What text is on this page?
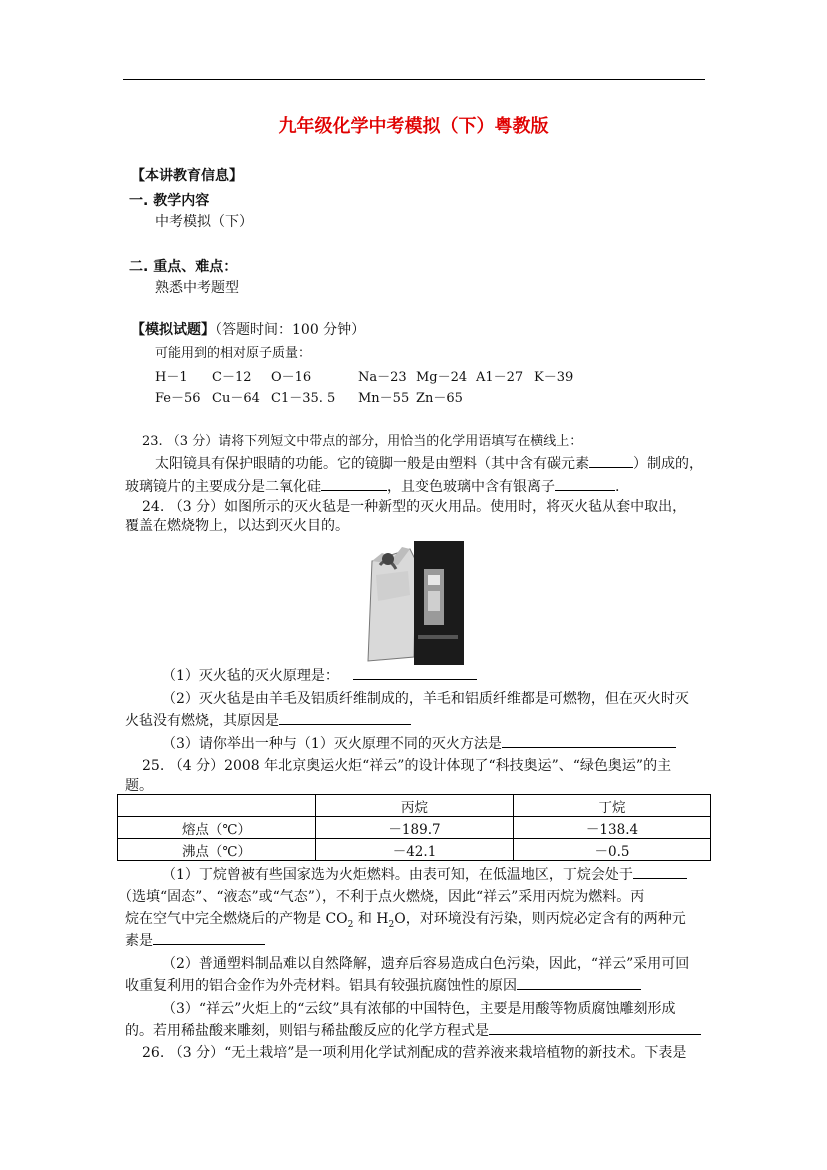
九年级化学中考模拟（下）粤教版
【本讲教育信息】
一. 教学内容
中考模拟（下）
二. 重点、难点：
熟悉中考题型
【模拟试题】（答题时间：100 分钟）
可能用到的相对原子质量：
H－1 C－12 O－16	Na－23 Mg－24 A1－27 K－39
Fe－56 Cu－64 C1－35. 5 Mn－55 Zn－65
23. （3 分）请将下列短文中带点的部分，用恰当的化学用语填写在横线上：
太阳镜具有保护眼睛的功能。它的镜脚一般是由塑料（其中含有碳元素	）制成的，
玻璃镜片的主要成分是二氧化硅	，且变色玻璃中含有银离子	.
24. （3 分）如图所示的灭火毡是一种新型的灭火用品。使用时，将灭火毡从套中取出，
覆盖在燃烧物上，以达到灭火目的。
（1）灭火毡的灭火原理是：
（2）灭火毡是由羊毛及铝质纤维制成的，羊毛和铝质纤维都是可燃物，但在灭火时灭
火毡没有燃烧，其原因是
（3）请你举出一种与（1）灭火原理不同的灭火方法是
25. （4 分）2008 年北京奥运火炬“祥云”的设计体现了“科技奥运”、“绿色奥运”的主
题。
	丙烷	丁烷
熔点（℃）	－189.7	－138.4
沸点（℃）	－42.1	－0.5
（1）丁烷曾被有些国家选为火炬燃料。由表可知，在低温地区，丁烷会处于
（选填“固态”、“液态”或“气态”），不利于点火燃烧，因此“祥云”采用丙烷为燃料。丙
烷在空气中完全燃烧后的产物是 $CO_2$ 和 $H_2O$，对环境没有污染，则丙烷必定含有的两种元
素是
（2）普通塑料制品难以自然降解，遗弃后容易造成白色污染，因此，“祥云”采用可回
收重复利用的铝合金作为外壳材料。铝具有较强抗腐蚀性的原因
（3）“祥云”火炬上的“云纹”具有浓郁的中国特色，主要是用酸等物质腐蚀雕刻形成
的。若用稀盐酸来雕刻，则铝与稀盐酸反应的化学方程式是
26. （3 分）“无土栽培”是一项利用化学试剂配成的营养液来栽培植物的新技术。下表是
